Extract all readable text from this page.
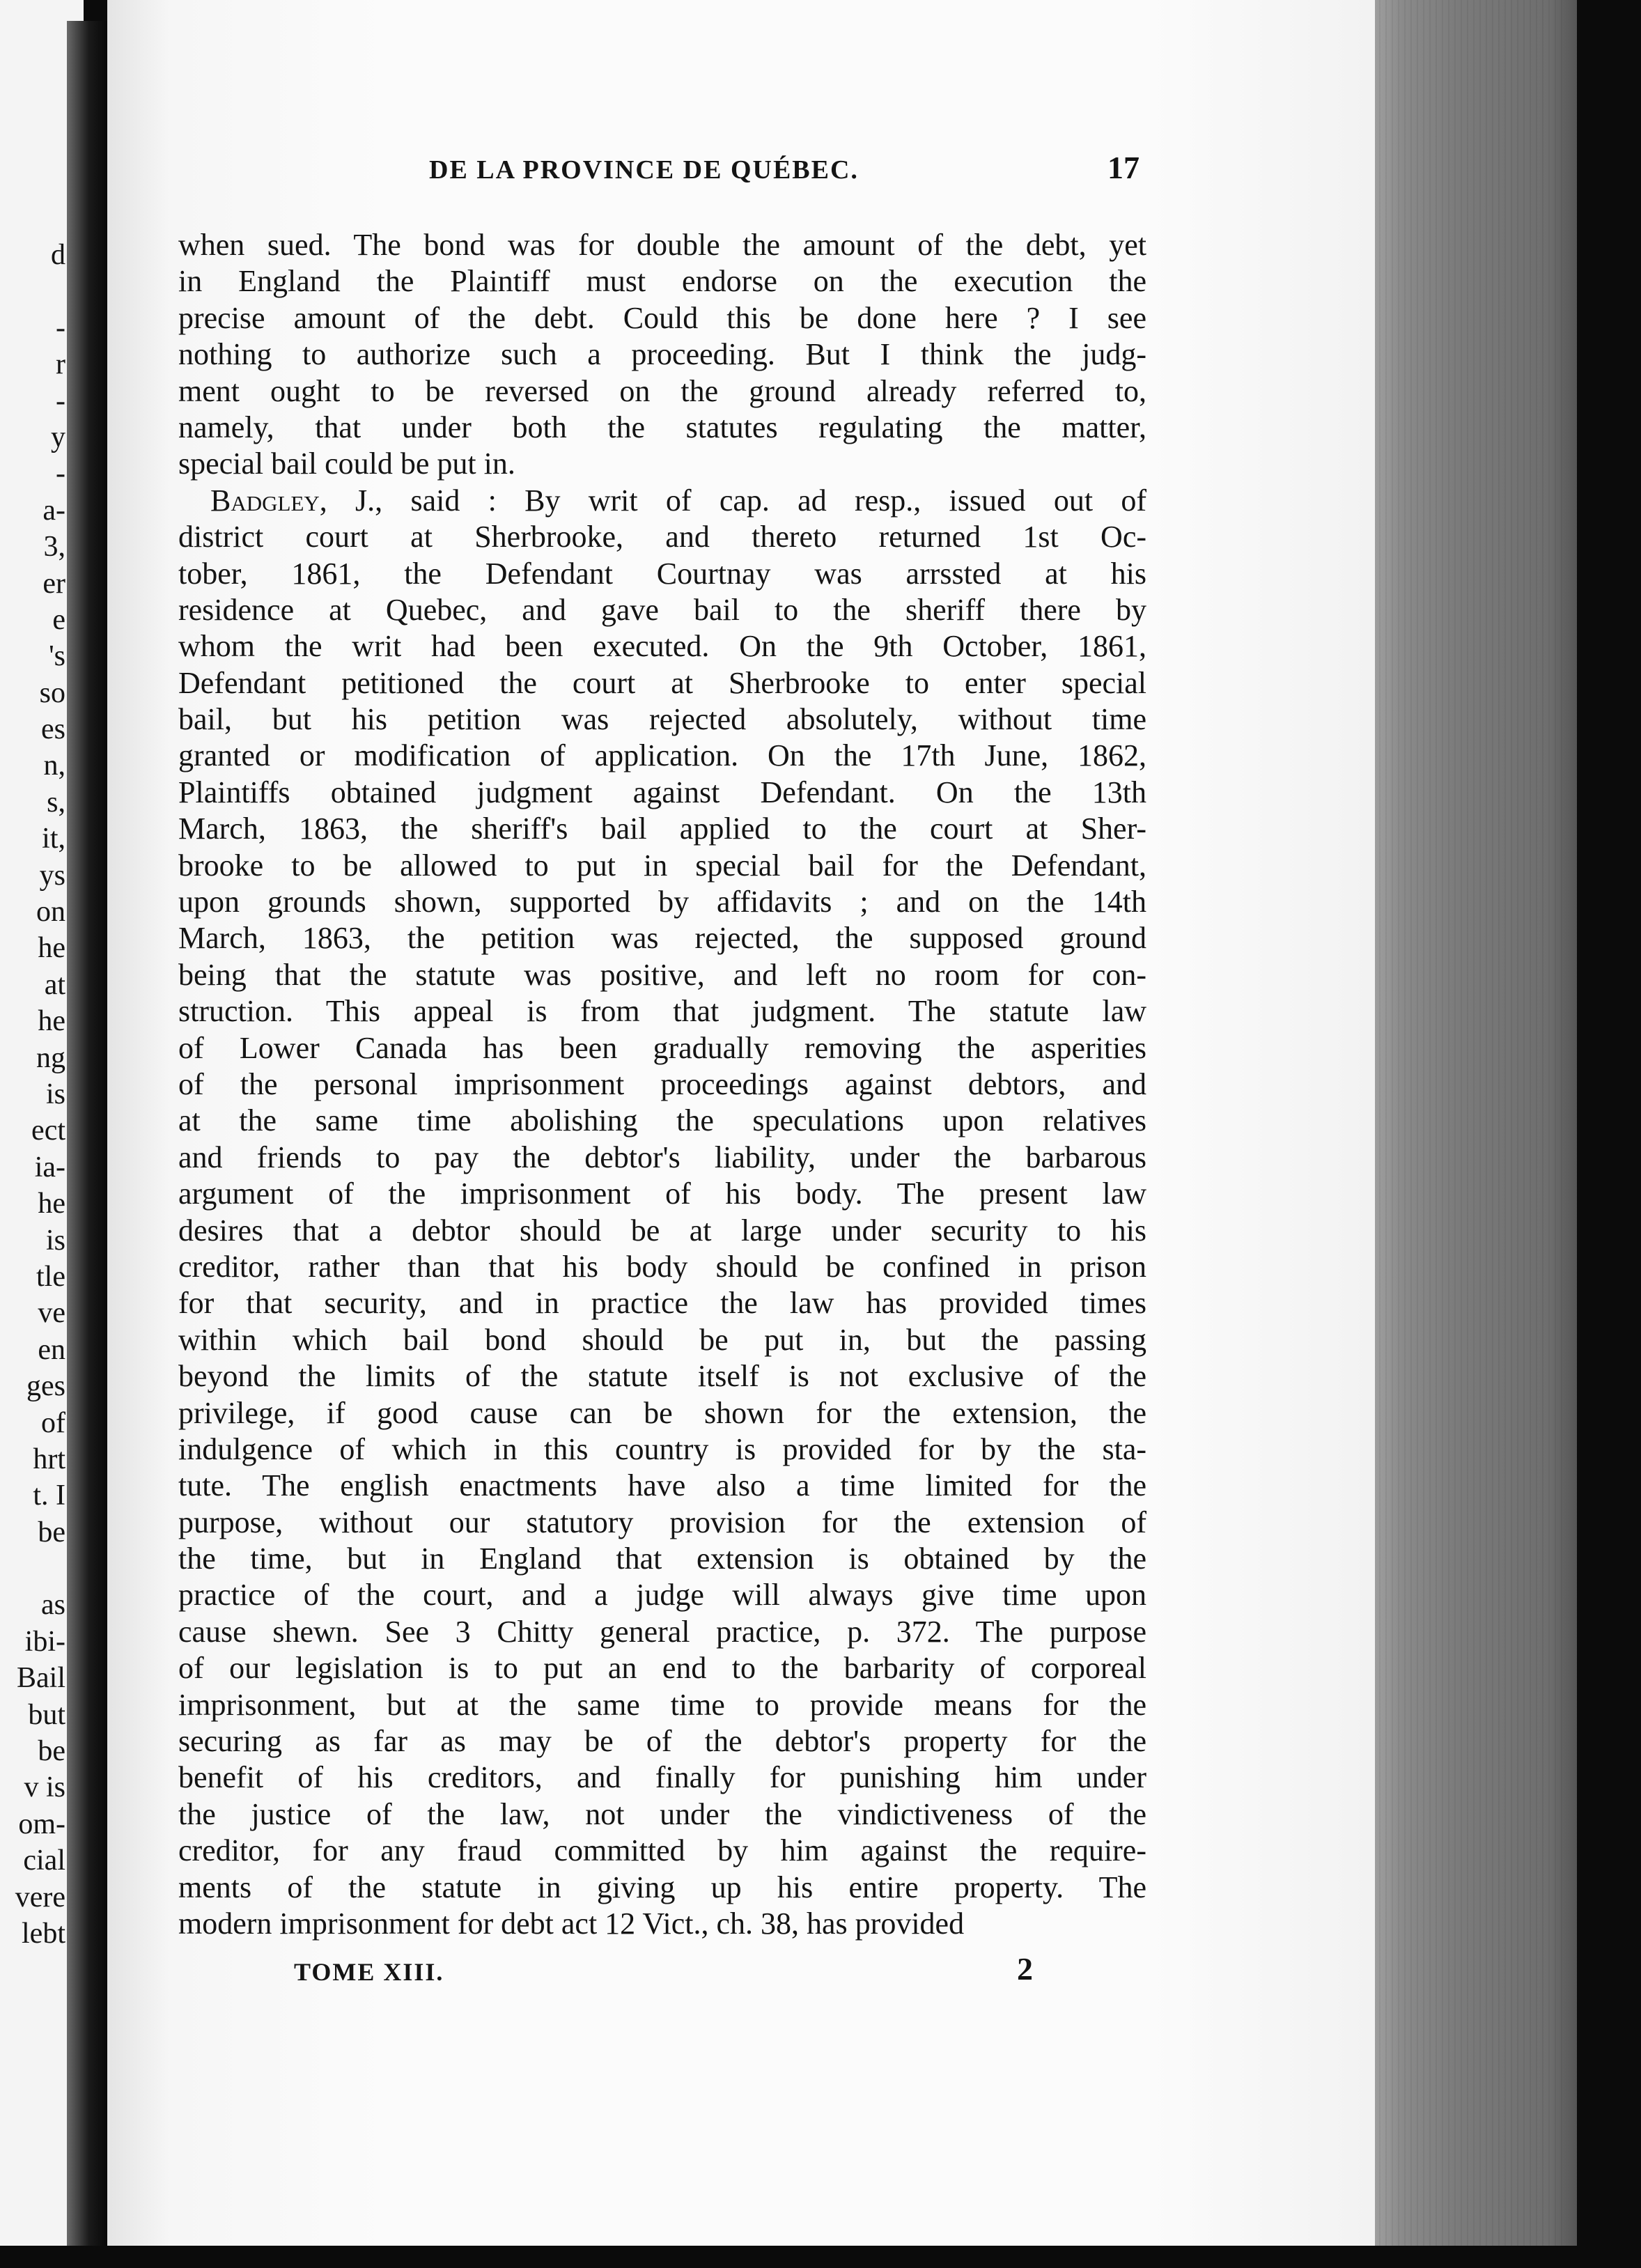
d
-
r
-
y
-
a-
3,
er
e
's
so
es
n,
s,
it,
ys
on
he
at
he
ng
is
ect
ia-
he
is
tle
ve
en
ges
of
hrt
t. I
be
as
ibi-
Bail
but
be
v is
om-
cial
vere
lebt
DE LA PROVINCE DE QUÉBEC.	17
when sued. The bond was for double the amount of the debt, yet
in England the Plaintiff must endorse on the execution the
precise amount of the debt. Could this be done here ? I see
nothing to authorize such a proceeding. But I think the judg-
ment ought to be reversed on the ground already referred to,
namely, that under both the statutes regulating the matter,
special bail could be put in.
Badgley, J., said : By writ of cap. ad resp., issued out of
district court at Sherbrooke, and thereto returned 1st Oc-
tober, 1861, the Defendant Courtnay was arrssted at his
residence at Quebec, and gave bail to the sheriff there by
whom the writ had been executed. On the 9th October, 1861,
Defendant petitioned the court at Sherbrooke to enter special
bail, but his petition was rejected absolutely, without time
granted or modification of application. On the 17th June, 1862,
Plaintiffs obtained judgment against Defendant. On the 13th
March, 1863, the sheriff's bail applied to the court at Sher-
brooke to be allowed to put in special bail for the Defendant,
upon grounds shown, supported by affidavits ; and on the 14th
March, 1863, the petition was rejected, the supposed ground
being that the statute was positive, and left no room for con-
struction. This appeal is from that judgment. The statute law
of Lower Canada has been gradually removing the asperities
of the personal imprisonment proceedings against debtors, and
at the same time abolishing the speculations upon relatives
and friends to pay the debtor's liability, under the barbarous
argument of the imprisonment of his body. The present law
desires that a debtor should be at large under security to his
creditor, rather than that his body should be confined in prison
for that security, and in practice the law has provided times
within which bail bond should be put in, but the passing
beyond the limits of the statute itself is not exclusive of the
privilege, if good cause can be shown for the extension, the
indulgence of which in this country is provided for by the sta-
tute. The english enactments have also a time limited for the
purpose, without our statutory provision for the extension of
the time, but in England that extension is obtained by the
practice of the court, and a judge will always give time upon
cause shewn. See 3 Chitty general practice, p. 372. The purpose
of our legislation is to put an end to the barbarity of corporeal
imprisonment, but at the same time to provide means for the
securing as far as may be of the debtor's property for the
benefit of his creditors, and finally for punishing him under
the justice of the law, not under the vindictiveness of the
creditor, for any fraud committed by him against the require-
ments of the statute in giving up his entire property. The
modern imprisonment for debt act 12 Vict., ch. 38, has provided
TOME XIII.	2
